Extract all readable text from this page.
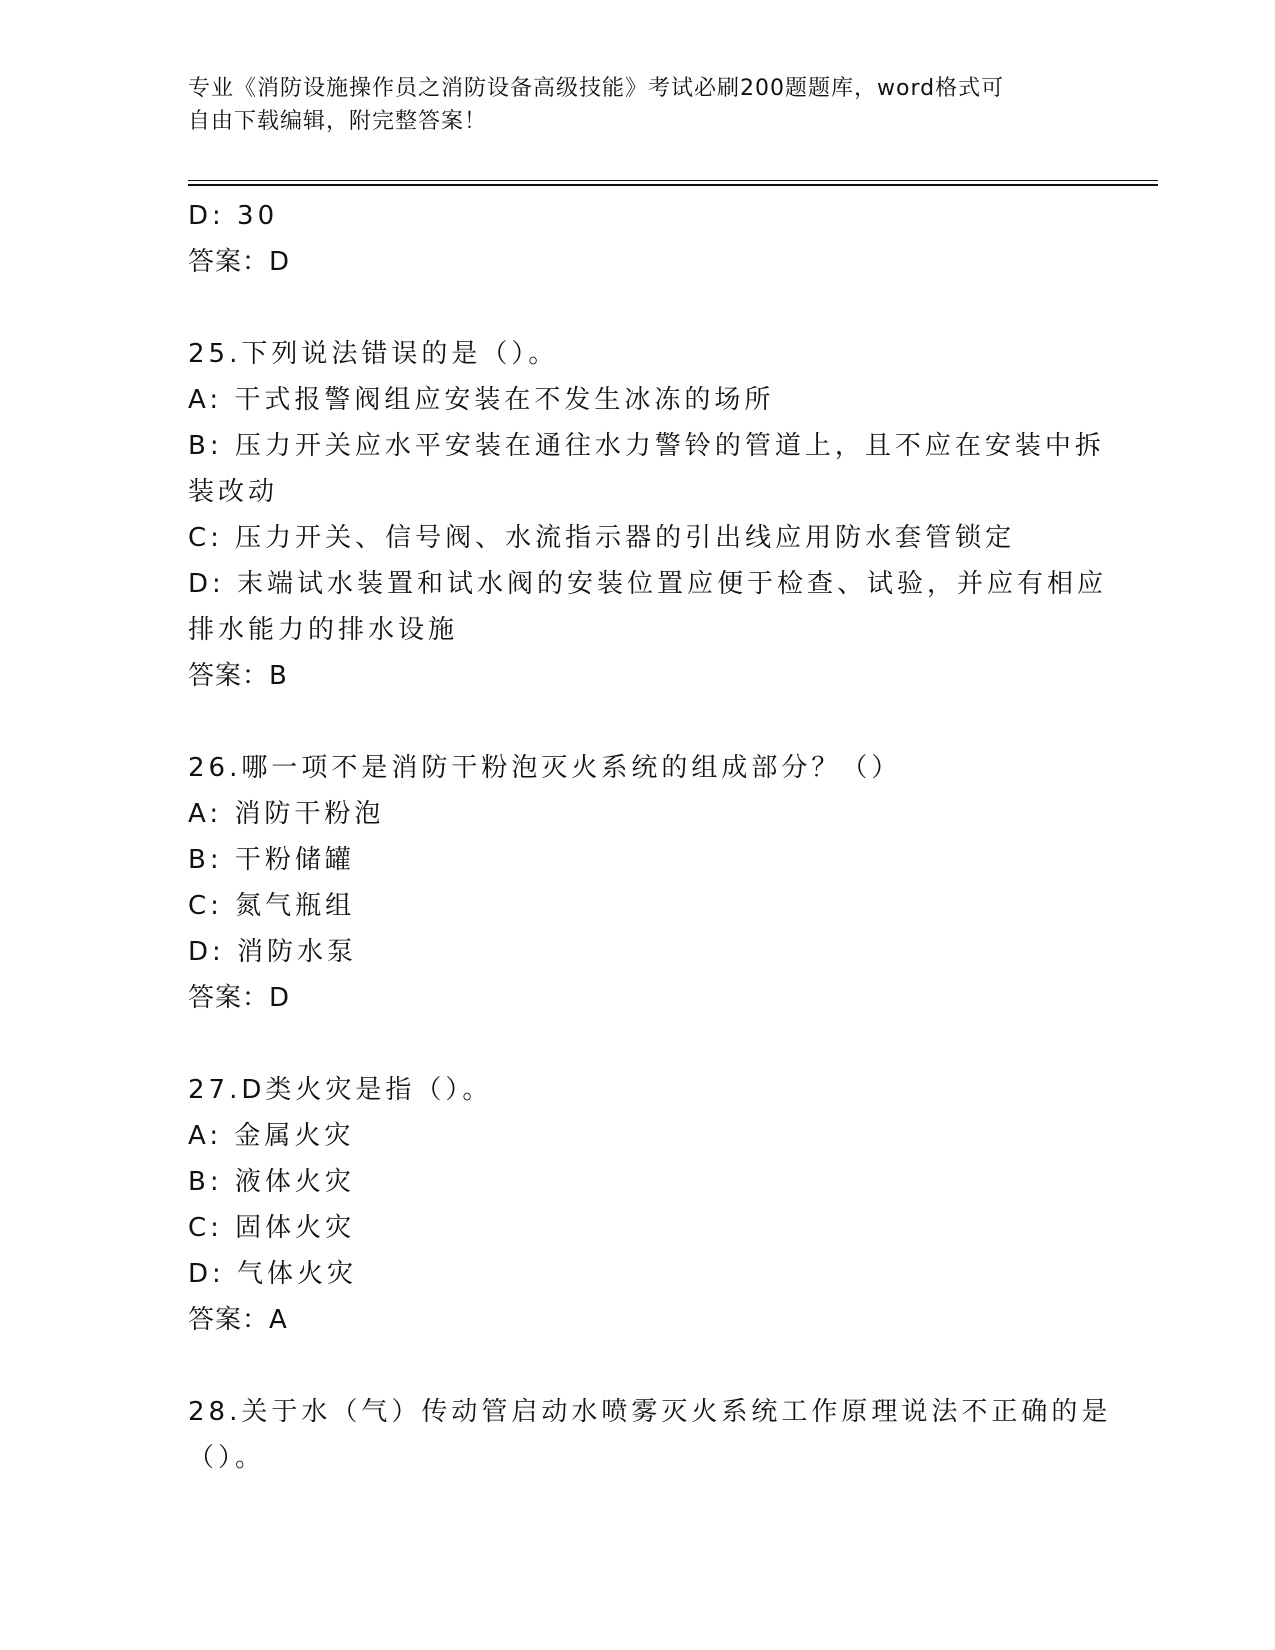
专业《消防设施操作员之消防设备高级技能》考试必刷200题题库，word格式可
自由下载编辑，附完整答案！
D: 30
答案：D
25.下列说法错误的是（）。
A: 干式报警阀组应安装在不发生冰冻的场所
B: 压力开关应水平安装在通往水力警铃的管道上，且不应在安装中拆
装改动
C: 压力开关、信号阀、水流指示器的引出线应用防水套管锁定
D: 末端试水装置和试水阀的安装位置应便于检查、试验，并应有相应
排水能力的排水设施
答案：B
26.哪一项不是消防干粉泡灭火系统的组成部分？（）
A: 消防干粉泡
B: 干粉储罐
C: 氮气瓶组
D: 消防水泵
答案：D
27.D类火灾是指（）。
A: 金属火灾
B: 液体火灾
C: 固体火灾
D: 气体火灾
答案：A
28.关于水（气）传动管启动水喷雾灭火系统工作原理说法不正确的是
（）。
